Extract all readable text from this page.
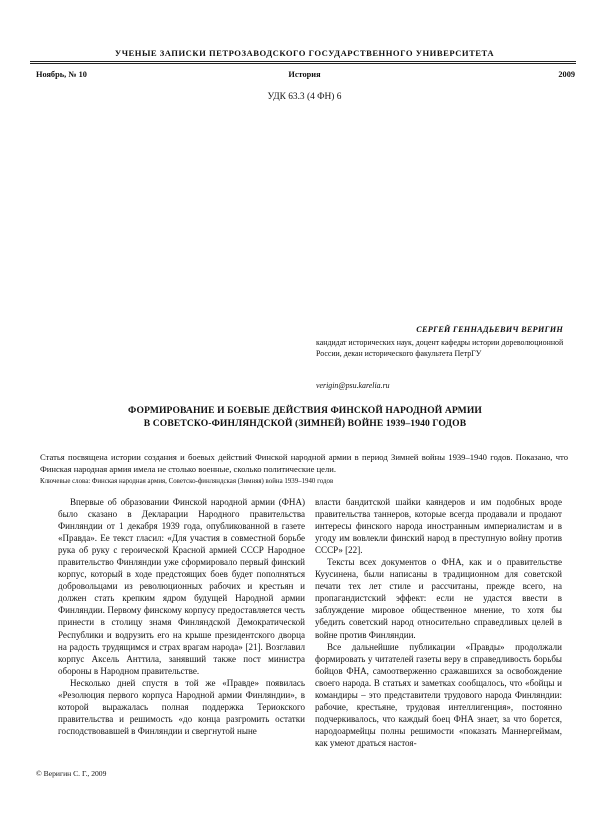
УЧЕНЫЕ ЗАПИСКИ ПЕТРОЗАВОДСКОГО ГОСУДАРСТВЕННОГО УНИВЕРСИТЕТА
Ноябрь, № 10	История	2009
УДК 63.3 (4 ФН) 6
СЕРГЕЙ ГЕННАДЬЕВИЧ ВЕРИГИН
кандидат исторических наук, доцент кафедры истории дореволюционной России, декан исторического факультета ПетрГУ
verigin@psu.karelia.ru
ФОРМИРОВАНИЕ И БОЕВЫЕ ДЕЙСТВИЯ ФИНСКОЙ НАРОДНОЙ АРМИИ
В СОВЕТСКО-ФИНЛЯНДСКОЙ (ЗИМНЕЙ) ВОЙНЕ 1939–1940 ГОДОВ
Статья посвящена истории создания и боевых действий Финской народной армии в период Зимней войны 1939–1940 годов. Показано, что Финская народная армия имела не столько военные, сколько политические цели.
Ключевые слова: Финская народная армия, Советско-финляндская (Зимняя) война 1939–1940 годов

Впервые об образовании Финской народной армии (ФНА) было сказано в Декларации Народного правительства Финляндии от 1 декабря 1939 года, опубликованной в газете «Правда». Ее текст гласил: «Для участия в совместной борьбе рука об руку с героической Красной армией СССР Народное правительство Финляндии уже сформировало первый финский корпус, который в ходе предстоящих боев будет пополняться добровольцами из революционных рабочих и крестьян и должен стать крепким ядром будущей Народной армии Финляндии. Первому финскому корпусу предоставляется честь принести в столицу знамя Финляндской Демократической Республики и водрузить его на крыше президентского дворца на радость трудящимся и страх врагам народа» [21]. Возглавил корпус Аксель Анттила, занявший также пост министра обороны в Народном правительстве.

Несколько дней спустя в той же «Правде» появилась «Резолюция первого корпуса Народной армии Финляндии», в которой выражалась полная поддержка Териокского правительства и решимость «до конца разгромить остатки господствовавшей в Финляндии и свергнутой ныне

власти бандитской шайки каяндеров и им подобных вроде правительства таннеров, которые всегда продавали и продают интересы финского народа иностранным империалистам и в угоду им вовлекли финский народ в преступную войну против СССР» [22].

Тексты всех документов о ФНА, как и о правительстве Куусинена, были написаны в традиционном для советской печати тех лет стиле и рассчитаны, прежде всего, на пропагандистский эффект: если не удастся ввести в заблуждение мировое общественное мнение, то хотя бы убедить советский народ относительно справедливых целей в войне против Финляндии.

Все дальнейшие публикации «Правды» продолжали формировать у читателей газеты веру в справедливость борьбы бойцов ФНА, самоотверженно сражавшихся за освобождение своего народа. В статьях и заметках сообщалось, что «бойцы и командиры – это представители трудового народа Финляндии: рабочие, крестьяне, трудовая интеллигенция», постоянно подчеркивалось, что каждый боец ФНА знает, за что борется, народоармейцы полны решимости «показать Маннергеймам, как умеют драться настоя-

© Веригин С. Г., 2009
